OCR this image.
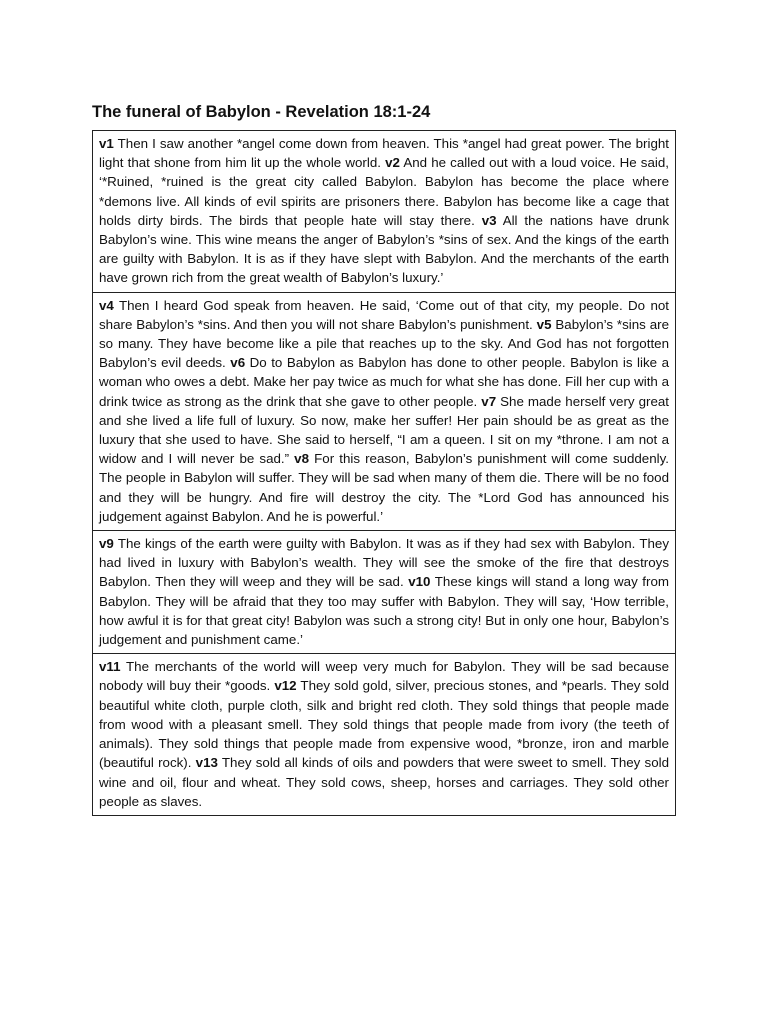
The funeral of Babylon - Revelation 18:1-24
v1 Then I saw another *angel come down from heaven. This *angel had great power. The bright light that shone from him lit up the whole world. v2 And he called out with a loud voice. He said, ‘*Ruined, *ruined is the great city called Babylon. Babylon has become the place where *demons live. All kinds of evil spirits are prisoners there. Babylon has become like a cage that holds dirty birds. The birds that people hate will stay there. v3 All the nations have drunk Babylon’s wine. This wine means the anger of Babylon’s *sins of sex. And the kings of the earth are guilty with Babylon. It is as if they have slept with Babylon. And the merchants of the earth have grown rich from the great wealth of Babylon’s luxury.’
v4 Then I heard God speak from heaven. He said, ‘Come out of that city, my people. Do not share Babylon’s *sins. And then you will not share Babylon’s punishment. v5 Babylon’s *sins are so many. They have become like a pile that reaches up to the sky. And God has not forgotten Babylon’s evil deeds. v6 Do to Babylon as Babylon has done to other people. Babylon is like a woman who owes a debt. Make her pay twice as much for what she has done. Fill her cup with a drink twice as strong as the drink that she gave to other people. v7 She made herself very great and she lived a life full of luxury. So now, make her suffer! Her pain should be as great as the luxury that she used to have. She said to herself, “I am a queen. I sit on my *throne. I am not a widow and I will never be sad.” v8 For this reason, Babylon’s punishment will come suddenly. The people in Babylon will suffer. They will be sad when many of them die. There will be no food and they will be hungry. And fire will destroy the city. The *Lord God has announced his judgement against Babylon. And he is powerful.’
v9 The kings of the earth were guilty with Babylon. It was as if they had sex with Babylon. They had lived in luxury with Babylon’s wealth. They will see the smoke of the fire that destroys Babylon. Then they will weep and they will be sad. v10 These kings will stand a long way from Babylon. They will be afraid that they too may suffer with Babylon. They will say, ‘How terrible, how awful it is for that great city! Babylon was such a strong city! But in only one hour, Babylon’s judgement and punishment came.’
v11 The merchants of the world will weep very much for Babylon. They will be sad because nobody will buy their *goods. v12 They sold gold, silver, precious stones, and *pearls. They sold beautiful white cloth, purple cloth, silk and bright red cloth. They sold things that people made from wood with a pleasant smell. They sold things that people made from ivory (the teeth of animals). They sold things that people made from expensive wood, *bronze, iron and marble (beautiful rock). v13 They sold all kinds of oils and powders that were sweet to smell. They sold wine and oil, flour and wheat. They sold cows, sheep, horses and carriages. They sold other people as slaves.
